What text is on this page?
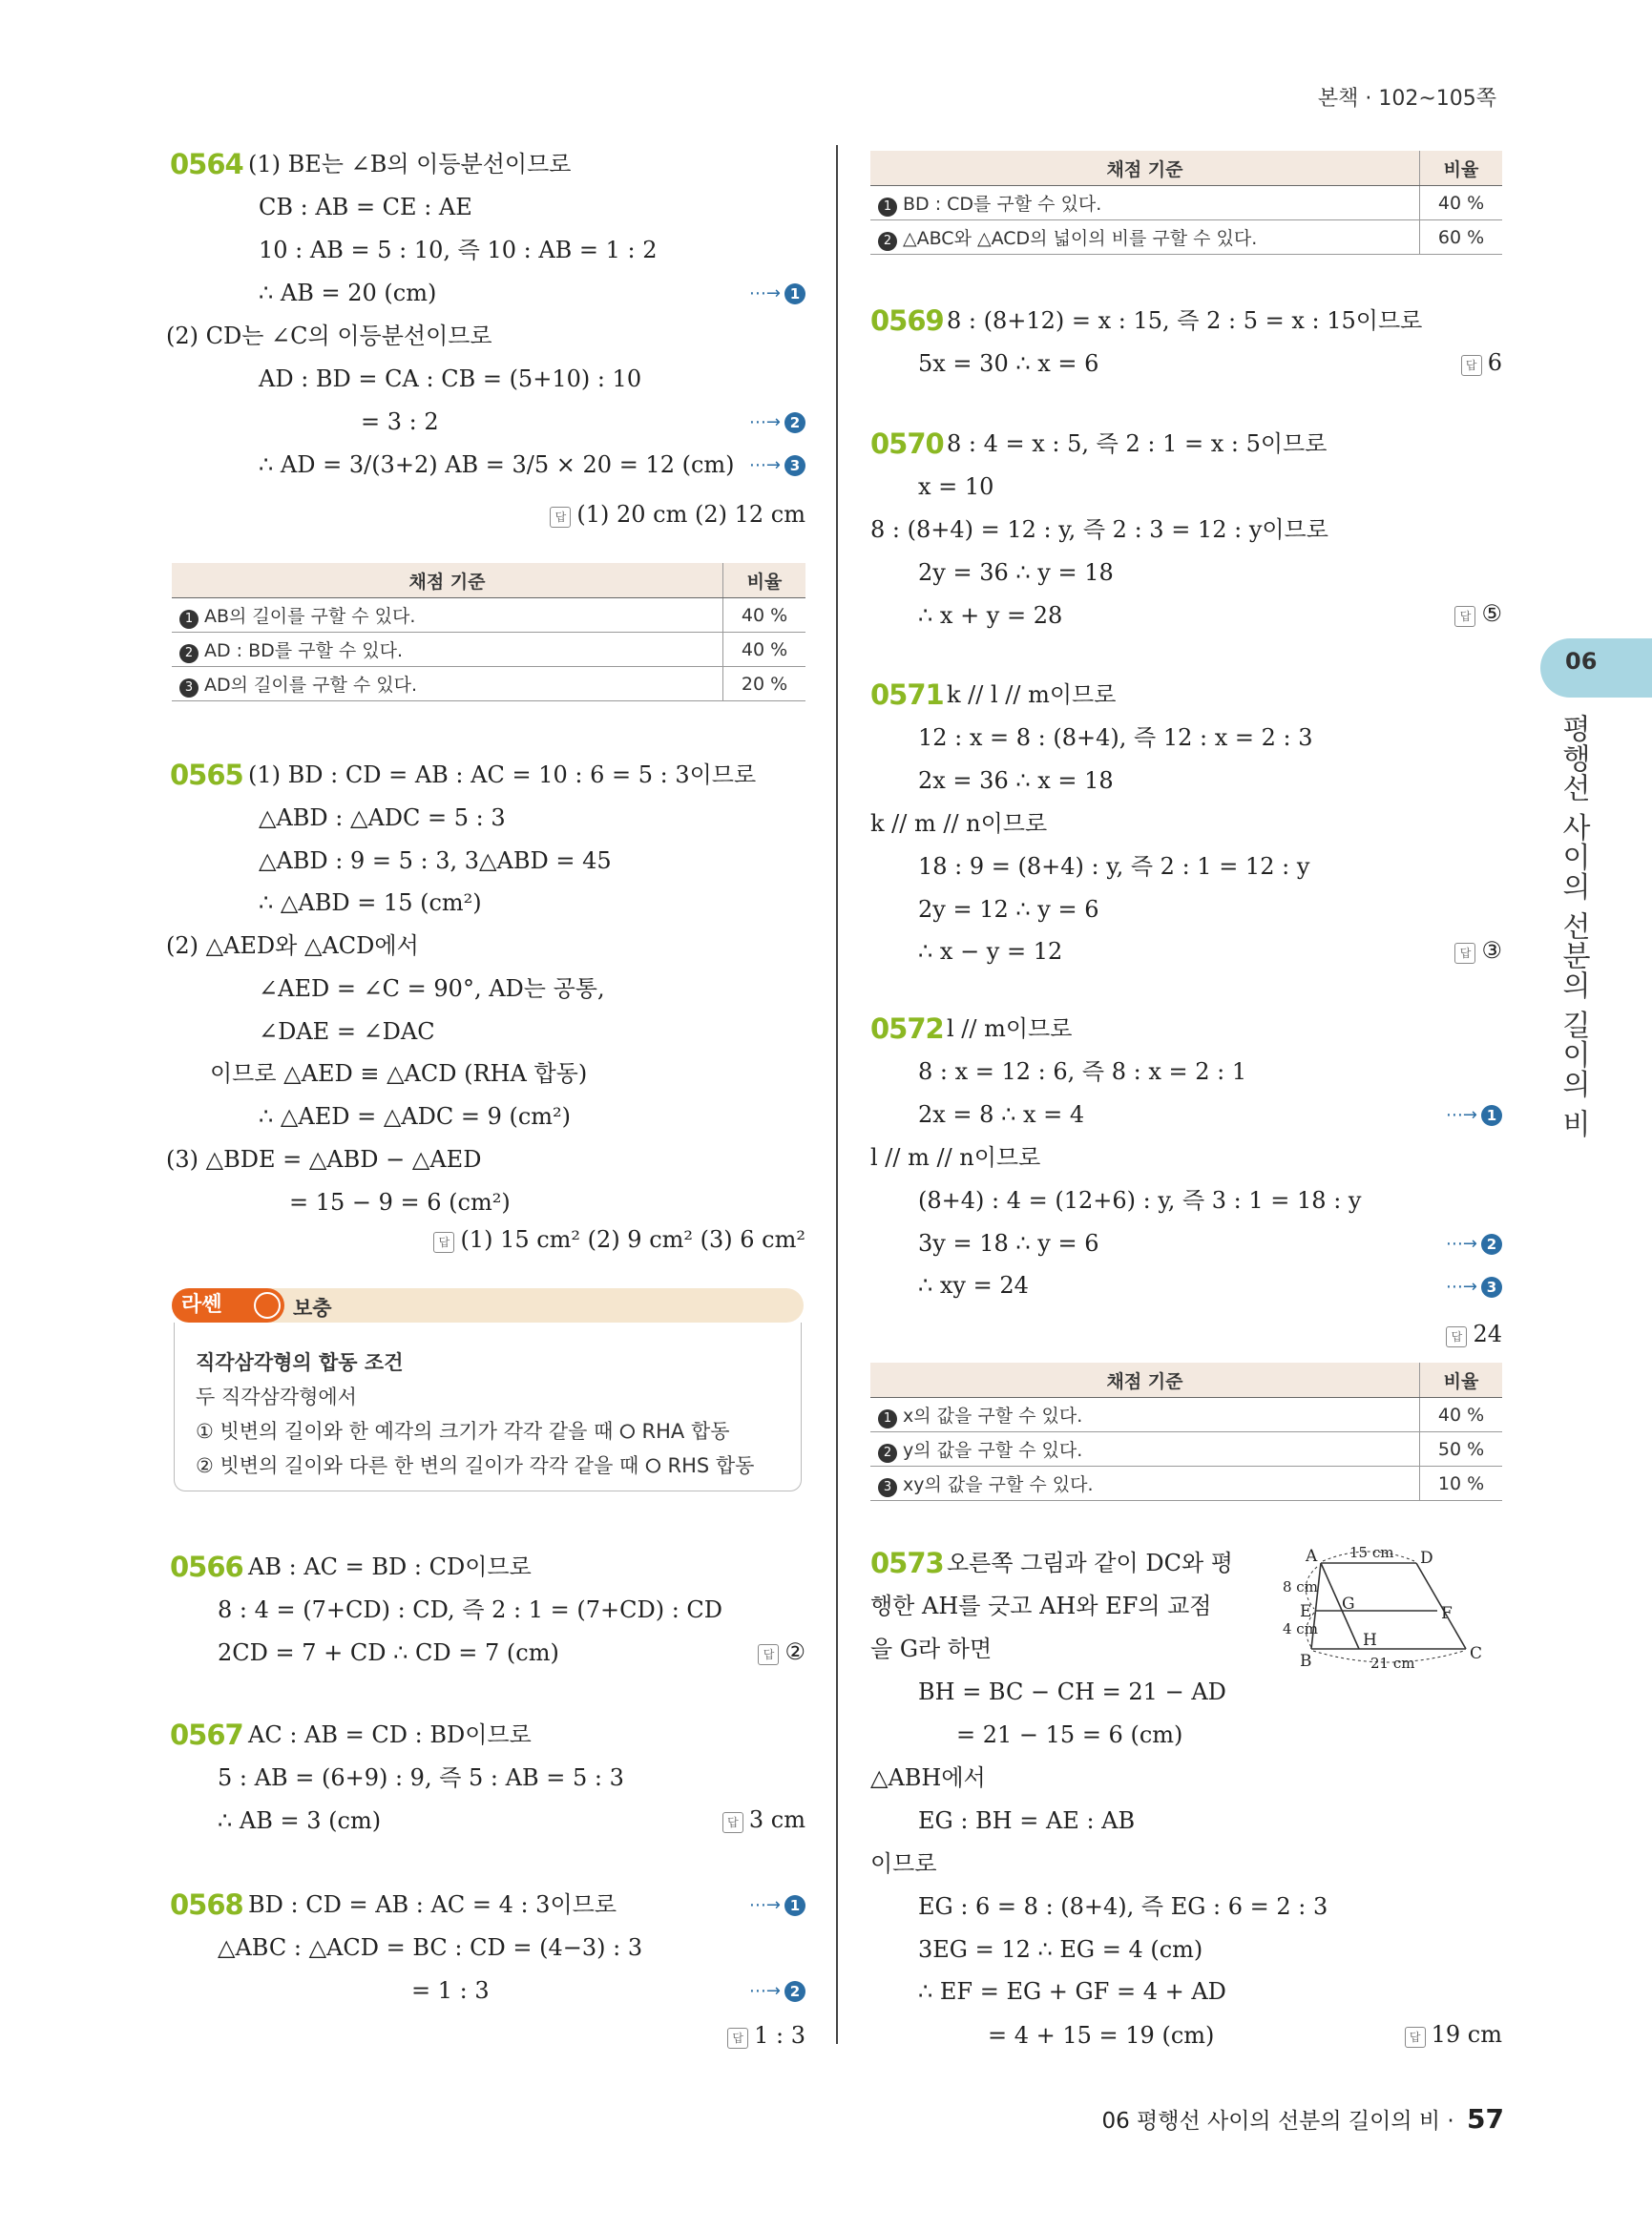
본책 · 102~105쪽
0564 (1) BE는 ∠B의 이등분선이므로
CB : AB = CE : AE
10 : AB = 5 : 10, 즉 10 : AB = 1 : 2
∴ AB = 20 (cm)	⋯→ 1
(2) CD는 ∠C의 이등분선이므로
AD : BD = CA : CB = (5+10) : 10
= 3 : 2	⋯→ 2
∴ AD = 3/(3+2) AB = 3/5 × 20 = 12 (cm) ⋯→ 3
답 (1) 20 cm (2) 12 cm
채점 기준	비율
1 AB의 길이를 구할 수 있다.	40 %
2 AD : BD를 구할 수 있다.	40 %
3 AD의 길이를 구할 수 있다.	20 %
0565 (1) BD : CD = AB : AC = 10 : 6 = 5 : 3이므로
△ABD : △ADC = 5 : 3
△ABD : 9 = 5 : 3, 3△ABD = 45
∴ △ABD = 15 (cm²)
(2) △AED와 △ACD에서
∠AED = ∠C = 90°, AD는 공통,
∠DAE = ∠DAC
이므로 △AED ≡ △ACD (RHA 합동)
∴ △AED = △ADC = 9 (cm²)
(3) △BDE = △ABD − △AED
= 15 − 9 = 6 (cm²)
답 (1) 15 cm² (2) 9 cm² (3) 6 cm²
라쎈	보충
직각삼각형의 합동 조건
두 직각삼각형에서
① 빗변의 길이와 한 예각의 크기가 각각 같을 때 ⭘ RHA 합동
② 빗변의 길이와 다른 한 변의 길이가 각각 같을 때 ⭘ RHS 합동
0566 AB : AC = BD : CD이므로
8 : 4 = (7+CD) : CD, 즉 2 : 1 = (7+CD) : CD
2CD = 7 + CD ∴ CD = 7 (cm)	답 ②
0567 AC : AB = CD : BD이므로
5 : AB = (6+9) : 9, 즉 5 : AB = 5 : 3
∴ AB = 3 (cm)	답 3 cm
0568 BD : CD = AB : AC = 4 : 3이므로	⋯→ 1
△ABC : △ACD = BC : CD = (4−3) : 3
= 1 : 3	⋯→ 2
답 1 : 3
채점 기준	비율
1 BD : CD를 구할 수 있다.	40 %
2 △ABC와 △ACD의 넓이의 비를 구할 수 있다.	60 %
0569 8 : (8+12) = x : 15, 즉 2 : 5 = x : 15이므로
5x = 30 ∴ x = 6	답 6
0570 8 : 4 = x : 5, 즉 2 : 1 = x : 5이므로
x = 10
8 : (8+4) = 12 : y, 즉 2 : 3 = 12 : y이므로
2y = 36 ∴ y = 18
∴ x + y = 28	답 ⑤
0571 k // l // m이므로
12 : x = 8 : (8+4), 즉 12 : x = 2 : 3
2x = 36 ∴ x = 18
k // m // n이므로
18 : 9 = (8+4) : y, 즉 2 : 1 = 12 : y
2y = 12 ∴ y = 6
∴ x − y = 12	답 ③
0572 l // m이므로
8 : x = 12 : 6, 즉 8 : x = 2 : 1
2x = 8 ∴ x = 4	⋯→ 1
l // m // n이므로
(8+4) : 4 = (12+6) : y, 즉 3 : 1 = 18 : y
3y = 18 ∴ y = 6
∴ xy = 24
⋯→ 2
⋯→ 3
답 24
채점 기준	비율
1 x의 값을 구할 수 있다.	40 %
2 y의 값을 구할 수 있다.	50 %
3 xy의 값을 구할 수 있다.	10 %
0573 오른쪽 그림과 같이 DC와 평
행한 AH를 긋고 AH와 EF의 교점
을 G라 하면
BH = BC − CH = 21 − AD
= 21 − 15 = 6 (cm)
△ABH에서
EG : BH = AE : AB
이므로
EG : 6 = 8 : (8+4), 즉 EG : 6 = 2 : 3
3EG = 12 ∴ EG = 4 (cm)
∴ EF = EG + GF = 4 + AD
= 4 + 15 = 19 (cm)	답 19 cm
A	D
B	C
E	F
G
H
15 cm
21 cm
8 cm
4 cm
06
평행선 사이의 선분의 길이의 비
06 평행선 사이의 선분의 길이의 비 · 57
